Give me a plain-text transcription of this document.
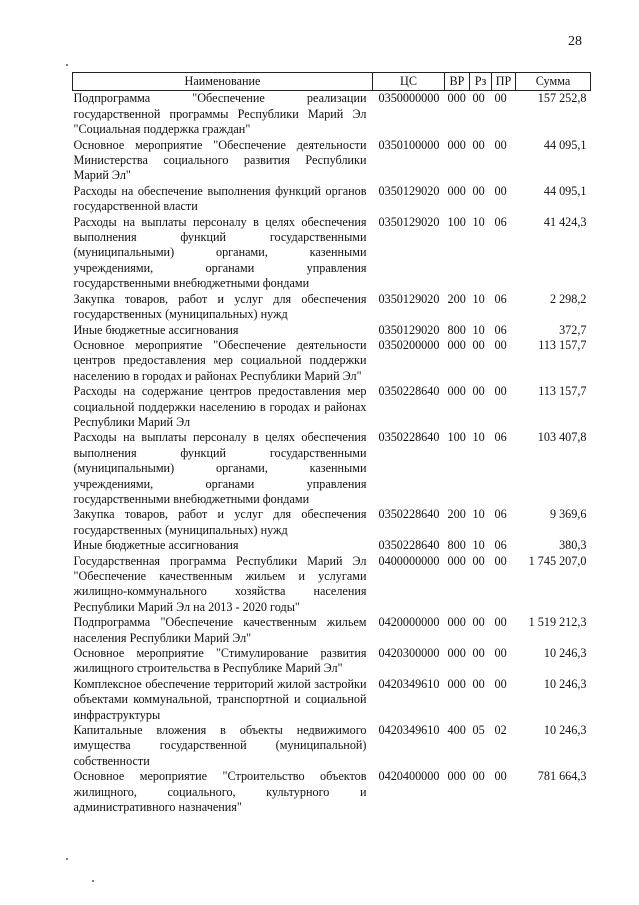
28
Наименование	ЦС	ВР	Рз	ПР	Сумма
Подпрограмма "Обеспечение реализации государственной программы Республики Марий Эл "Социальная поддержка граждан"	0350000000	000	00	00	157 252,8
Основное мероприятие "Обеспечение деятельности Министерства социального развития Республики Марий Эл"	0350100000	000	00	00	44 095,1
Расходы на обеспечение выполнения функций органов государственной власти	0350129020	000	00	00	44 095,1
Расходы на выплаты персоналу в целях обеспечения выполнения функций государственными (муниципальными) органами, казенными учреждениями, органами управления государственными внебюджетными фондами	0350129020	100	10	06	41 424,3
Закупка товаров, работ и услуг для обеспечения государственных (муниципальных) нужд	0350129020	200	10	06	2 298,2
Иные бюджетные ассигнования	0350129020	800	10	06	372,7
Основное мероприятие "Обеспечение деятельности центров предоставления мер социальной поддержки населению в городах и районах Республики Марий Эл"	0350200000	000	00	00	113 157,7
Расходы на содержание центров предоставления мер социальной поддержки населению в городах и районах Республики Марий Эл	0350228640	000	00	00	113 157,7
Расходы на выплаты персоналу в целях обеспечения выполнения функций государственными (муниципальными) органами, казенными учреждениями, органами управления государственными внебюджетными фондами	0350228640	100	10	06	103 407,8
Закупка товаров, работ и услуг для обеспечения государственных (муниципальных) нужд	0350228640	200	10	06	9 369,6
Иные бюджетные ассигнования	0350228640	800	10	06	380,3
Государственная программа Республики Марий Эл "Обеспечение качественным жильем и услугами жилищно-коммунального хозяйства населения Республики Марий Эл на 2013 - 2020 годы"	0400000000	000	00	00	1 745 207,0
Подпрограмма "Обеспечение качественным жильем населения Республики Марий Эл"	0420000000	000	00	00	1 519 212,3
Основное мероприятие "Стимулирование развития жилищного строительства в Республике Марий Эл"	0420300000	000	00	00	10 246,3
Комплексное обеспечение территорий жилой застройки объектами коммунальной, транспортной и социальной инфраструктуры	0420349610	000	00	00	10 246,3
Капитальные вложения в объекты недвижимого имущества государственной (муниципальной) собственности	0420349610	400	05	02	10 246,3
Основное мероприятие "Строительство объектов жилищного, социального, культурного и административного назначения"	0420400000	000	00	00	781 664,3
